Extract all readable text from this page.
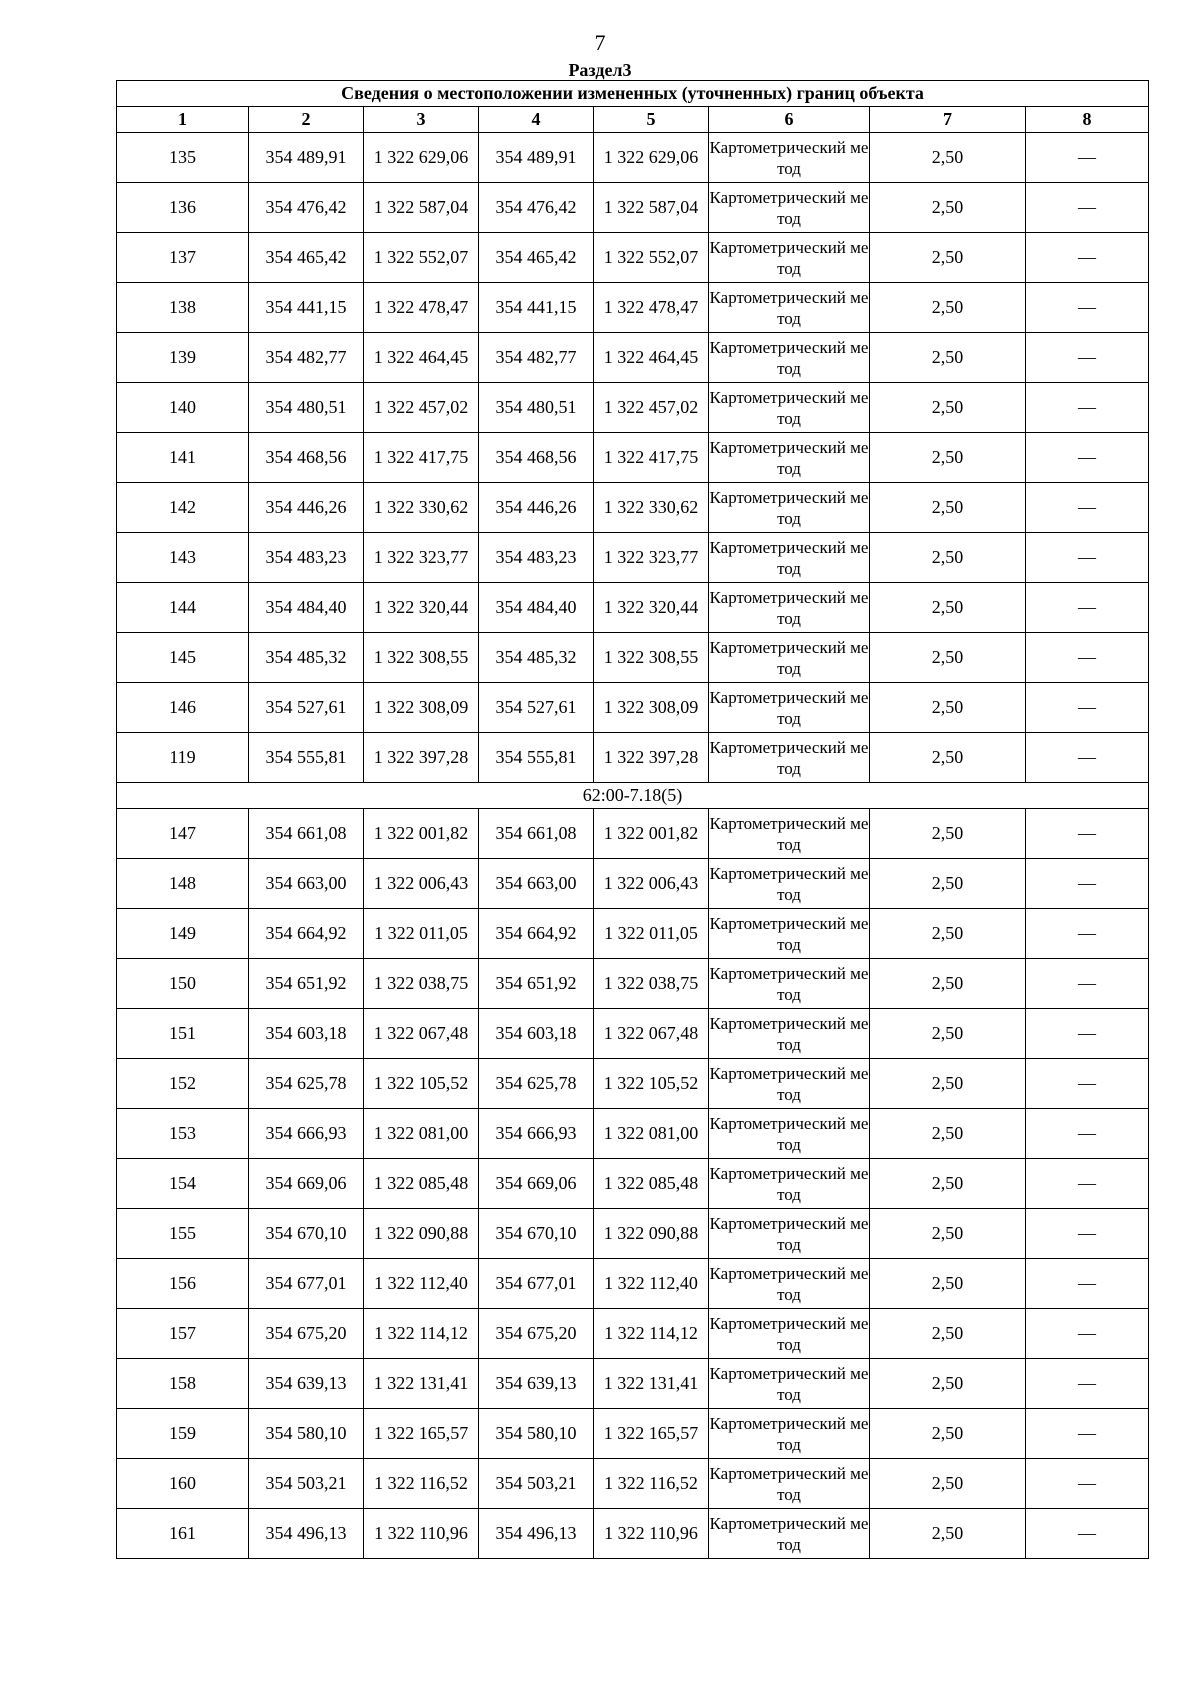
7
Раздел3
Сведения о местоположении измененных (уточненных) границ объекта							
1	2	3	4	5	6	7	8
135	354 489,91	1 322 629,06	354 489,91	1 322 629,06	Картометрический метод	2,50	—
136	354 476,42	1 322 587,04	354 476,42	1 322 587,04	Картометрический метод	2,50	—
137	354 465,42	1 322 552,07	354 465,42	1 322 552,07	Картометрический метод	2,50	—
138	354 441,15	1 322 478,47	354 441,15	1 322 478,47	Картометрический метод	2,50	—
139	354 482,77	1 322 464,45	354 482,77	1 322 464,45	Картометрический метод	2,50	—
140	354 480,51	1 322 457,02	354 480,51	1 322 457,02	Картометрический метод	2,50	—
141	354 468,56	1 322 417,75	354 468,56	1 322 417,75	Картометрический метод	2,50	—
142	354 446,26	1 322 330,62	354 446,26	1 322 330,62	Картометрический метод	2,50	—
143	354 483,23	1 322 323,77	354 483,23	1 322 323,77	Картометрический метод	2,50	—
144	354 484,40	1 322 320,44	354 484,40	1 322 320,44	Картометрический метод	2,50	—
145	354 485,32	1 322 308,55	354 485,32	1 322 308,55	Картометрический метод	2,50	—
146	354 527,61	1 322 308,09	354 527,61	1 322 308,09	Картометрический метод	2,50	—
119	354 555,81	1 322 397,28	354 555,81	1 322 397,28	Картометрический метод	2,50	—
62:00-7.18(5)							
147	354 661,08	1 322 001,82	354 661,08	1 322 001,82	Картометрический метод	2,50	—
148	354 663,00	1 322 006,43	354 663,00	1 322 006,43	Картометрический метод	2,50	—
149	354 664,92	1 322 011,05	354 664,92	1 322 011,05	Картометрический метод	2,50	—
150	354 651,92	1 322 038,75	354 651,92	1 322 038,75	Картометрический метод	2,50	—
151	354 603,18	1 322 067,48	354 603,18	1 322 067,48	Картометрический метод	2,50	—
152	354 625,78	1 322 105,52	354 625,78	1 322 105,52	Картометрический метод	2,50	—
153	354 666,93	1 322 081,00	354 666,93	1 322 081,00	Картометрический метод	2,50	—
154	354 669,06	1 322 085,48	354 669,06	1 322 085,48	Картометрический метод	2,50	—
155	354 670,10	1 322 090,88	354 670,10	1 322 090,88	Картометрический метод	2,50	—
156	354 677,01	1 322 112,40	354 677,01	1 322 112,40	Картометрический метод	2,50	—
157	354 675,20	1 322 114,12	354 675,20	1 322 114,12	Картометрический метод	2,50	—
158	354 639,13	1 322 131,41	354 639,13	1 322 131,41	Картометрический метод	2,50	—
159	354 580,10	1 322 165,57	354 580,10	1 322 165,57	Картометрический метод	2,50	—
160	354 503,21	1 322 116,52	354 503,21	1 322 116,52	Картометрический метод	2,50	—
161	354 496,13	1 322 110,96	354 496,13	1 322 110,96	Картометрический метод	2,50	—
